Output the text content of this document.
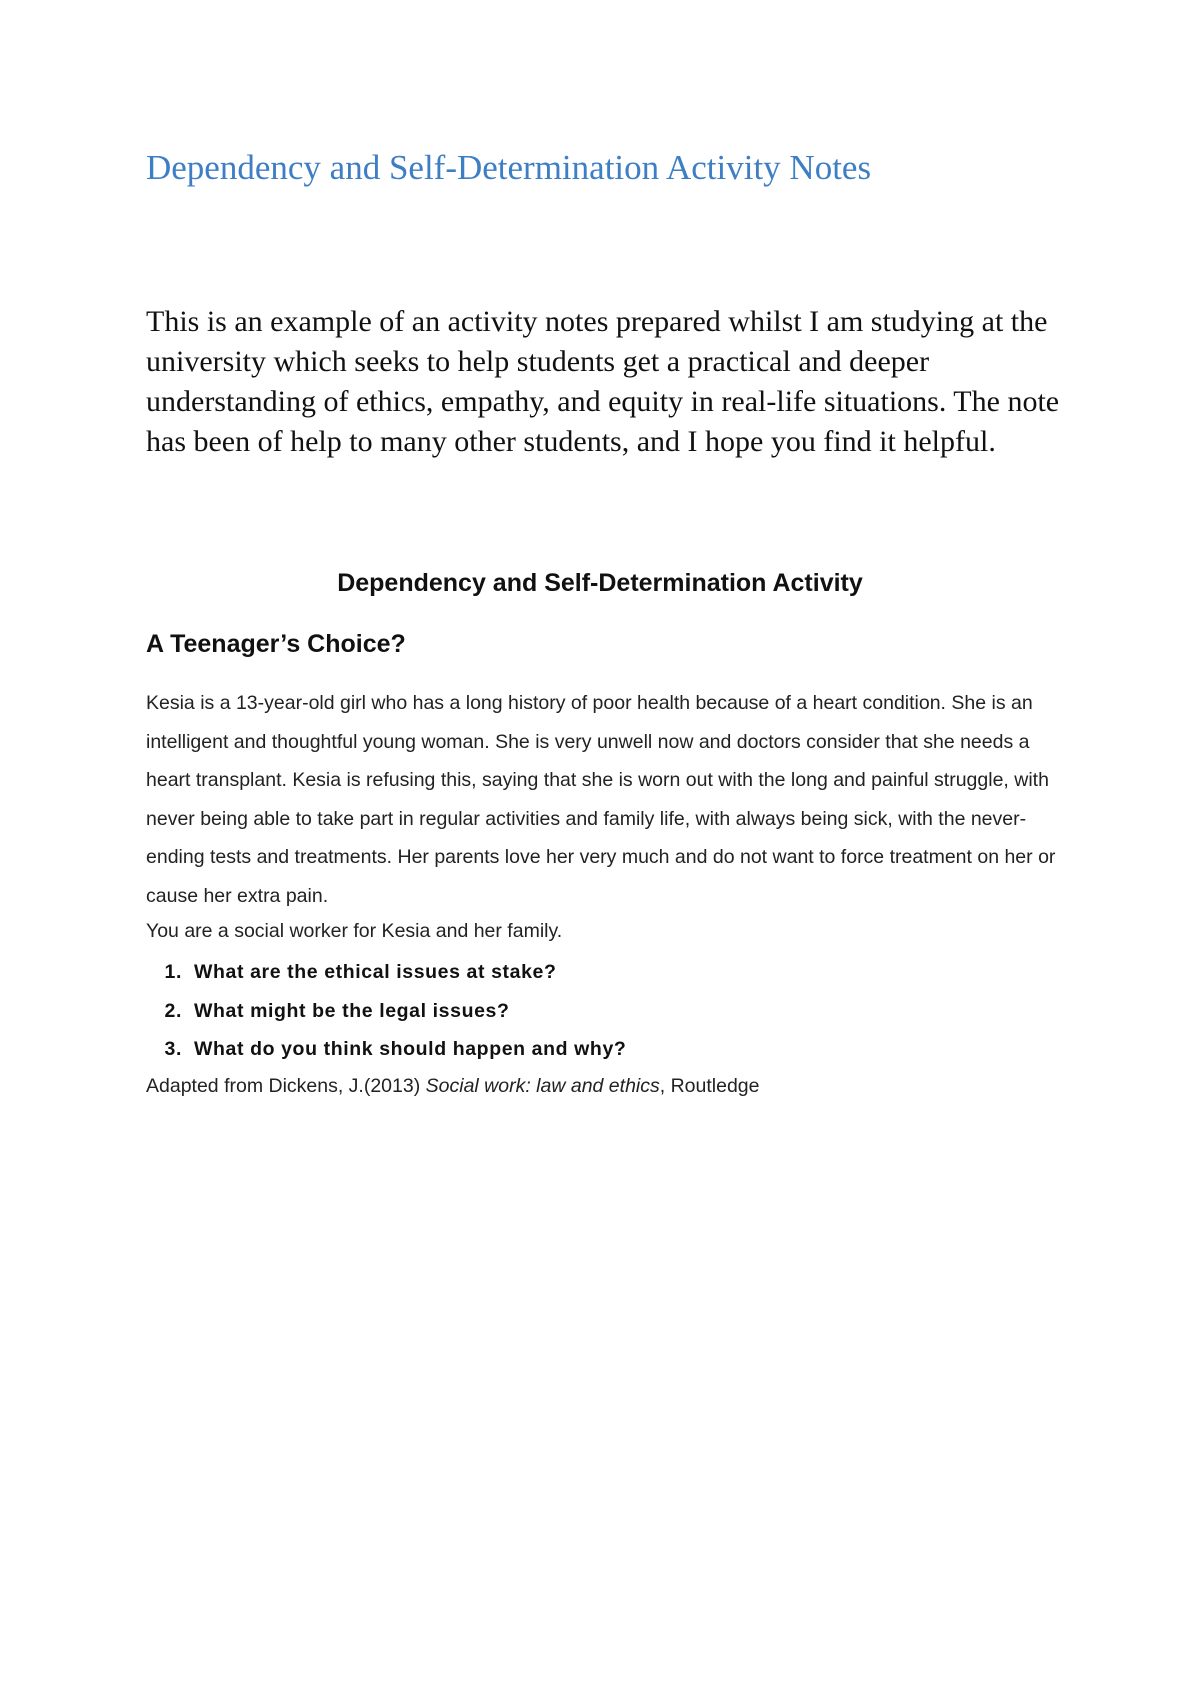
Dependency and Self-Determination Activity Notes

This is an example of an activity notes prepared whilst I am studying at the university which seeks to help students get a practical and deeper understanding of ethics, empathy, and equity in real-life situations. The note has been of help to many other students, and I hope you find it helpful.

Dependency and Self-Determination Activity
A Teenager’s Choice?

Kesia is a 13-year-old girl who has a long history of poor health because of a heart condition. She is an intelligent and thoughtful young woman. She is very unwell now and doctors consider that she needs a heart transplant. Kesia is refusing this, saying that she is worn out with the long and painful struggle, with never being able to take part in regular activities and family life, with always being sick, with the never-ending tests and treatments. Her parents love her very much and do not want to force treatment on her or cause her extra pain.

You are a social worker for Kesia and her family.

1. What are the ethical issues at stake?
2. What might be the legal issues?
3. What do you think should happen and why?

Adapted from Dickens, J.(2013) Social work: law and ethics, Routledge
